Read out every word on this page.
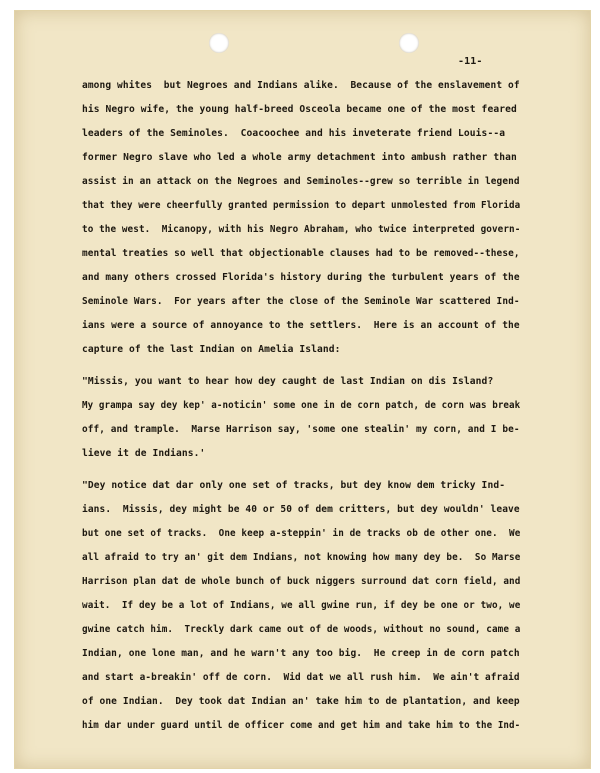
-11-
among whites  but Negroes and Indians alike.  Because of the enslavement of
his Negro wife, the young half-breed Osceola became one of the most feared
leaders of the Seminoles.  Coacoochee and his inveterate friend Louis--a
former Negro slave who led a whole army detachment into ambush rather than
assist in an attack on the Negroes and Seminoles--grew so terrible in legend
that they were cheerfully granted permission to depart unmolested from Florida
to the west.  Micanopy, with his Negro Abraham, who twice interpreted govern-
mental treaties so well that objectionable clauses had to be removed--these,
and many others crossed Florida's history during the turbulent years of the
Seminole Wars.  For years after the close of the Seminole War scattered Ind-
ians were a source of annoyance to the settlers.  Here is an account of the
capture of the last Indian on Amelia Island:
"Missis, you want to hear how dey caught de last Indian on dis Island?
My grampa say dey kep' a-noticin' some one in de corn patch, de corn was break
off, and trample.  Marse Harrison say, 'some one stealin' my corn, and I be-
lieve it de Indians.'
"Dey notice dat dar only one set of tracks, but dey know dem tricky Ind-
ians.  Missis, dey might be 40 or 50 of dem critters, but dey wouldn' leave
but one set of tracks.  One keep a-steppin' in de tracks ob de other one.  We
all afraid to try an' git dem Indians, not knowing how many dey be.  So Marse
Harrison plan dat de whole bunch of buck niggers surround dat corn field, and
wait.  If dey be a lot of Indians, we all gwine run, if dey be one or two, we
gwine catch him.  Treckly dark came out of de woods, without no sound, came a
Indian, one lone man, and he warn't any too big.  He creep in de corn patch
and start a-breakin' off de corn.  Wid dat we all rush him.  We ain't afraid
of one Indian.  Dey took dat Indian an' take him to de plantation, and keep
him dar under guard until de officer come and get him and take him to the Ind-
